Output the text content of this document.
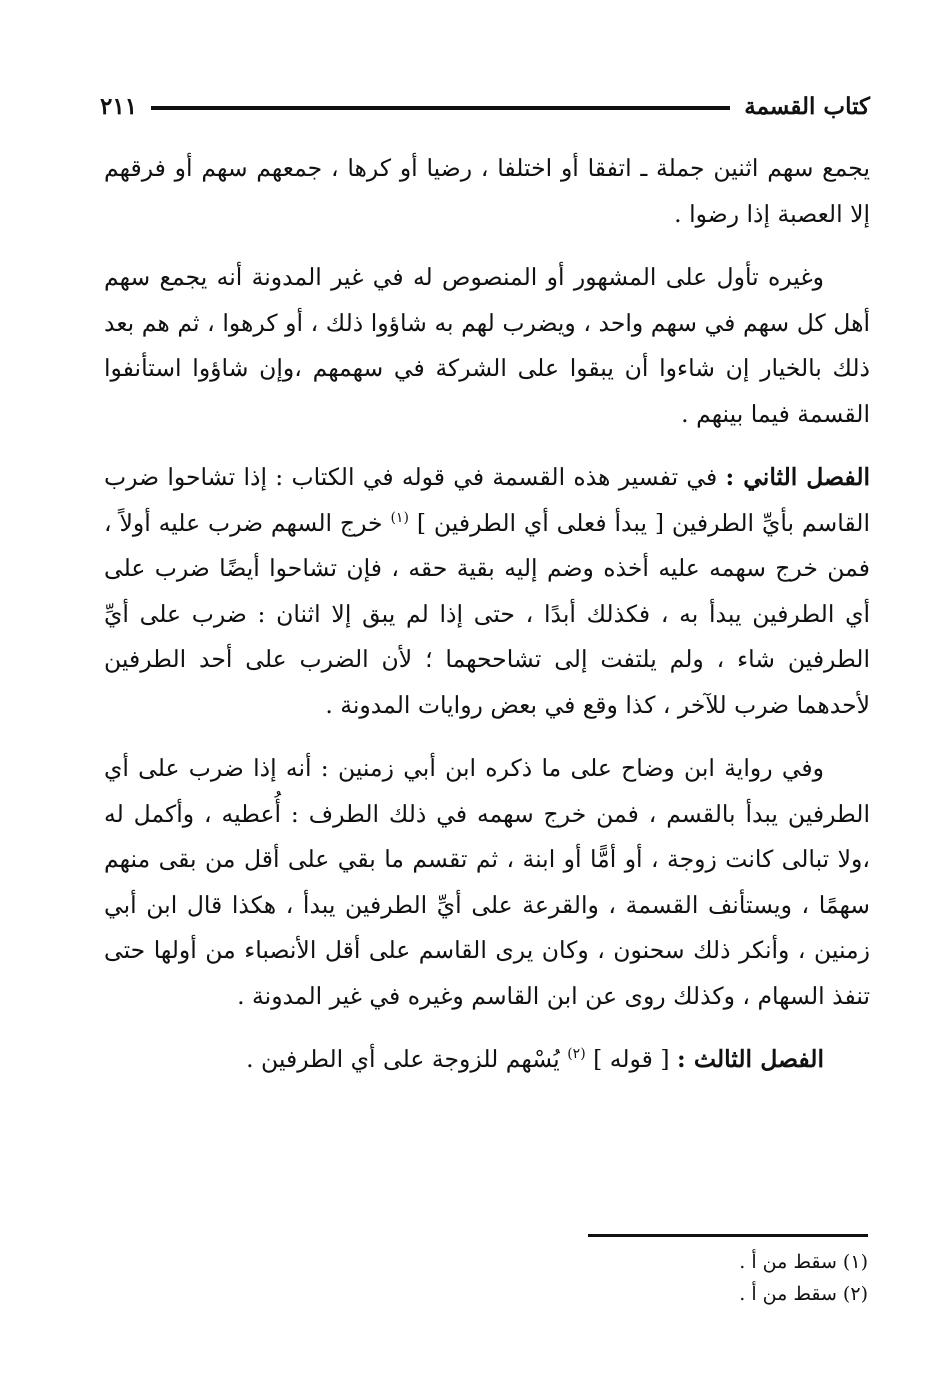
كتاب القسمة
٢١١

يجمع سهم اثنين جملة ـ اتفقا أو اختلفا ، رضيا أو كرها ، جمعهم سهم أو فرقهم إلا العصبة إذا رضوا .

وغيره تأول على المشهور أو المنصوص له في غير المدونة أنه يجمع سهم أهل كل سهم في سهم واحد ، ويضرب لهم به شاؤوا ذلك ، أو كرهوا ، ثم هم بعد ذلك بالخيار إن شاءوا أن يبقوا على الشركة في سهمهم ،وإن شاؤوا استأنفوا القسمة فيما بينهم .

الفصل الثاني : في تفسير هذه القسمة في قوله في الكتاب : إذا تشاحوا ضرب القاسم بأيِّ الطرفين [ يبدأ فعلى أي الطرفين ] $^{(١)}$ خرج السهم ضرب عليه أولاً ، فمن خرج سهمه عليه أخذه وضم إليه بقية حقه ، فإن تشاحوا أيضًا ضرب على أي الطرفين يبدأ به ، فكذلك أبدًا ، حتى إذا لم يبق إلا اثنان : ضرب على أيِّ الطرفين شاء ، ولم يلتفت إلى تشاححهما ؛ لأن الضرب على أحد الطرفين لأحدهما ضرب للآخر ، كذا وقع في بعض روايات المدونة .

وفي رواية ابن وضاح على ما ذكره ابن أبي زمنين : أنه إذا ضرب على أي الطرفين يبدأ بالقسم ، فمن خرج سهمه في ذلك الطرف : أُعطيه ، وأكمل له ،ولا تبالى كانت زوجة ، أو أمًّا أو ابنة ، ثم تقسم ما بقي على أقل من بقى منهم سهمًا ، ويستأنف القسمة ، والقرعة على أيِّ الطرفين يبدأ ، هكذا قال ابن أبي زمنين ، وأنكر ذلك سحنون ، وكان يرى القاسم على أقل الأنصباء من أولها حتى تنفذ السهام ، وكذلك روى عن ابن القاسم وغيره في غير المدونة .

الفصل الثالث : [ قوله ] $^{(٢)}$ يُسْهم للزوجة على أي الطرفين .

(١) سقط من أ .
(٢) سقط من أ .
